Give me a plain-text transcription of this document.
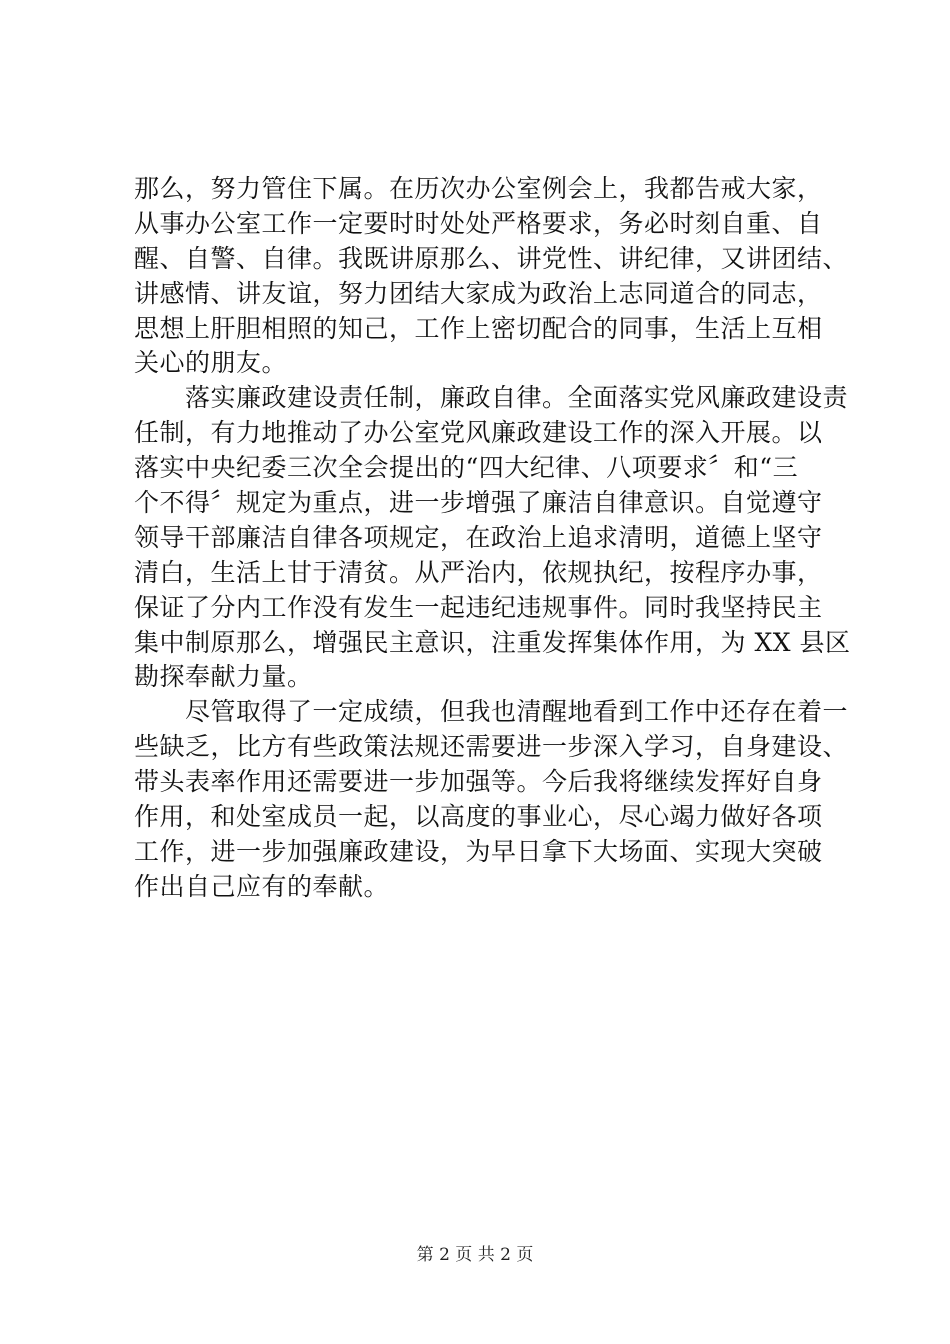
那么，努力管住下属。在历次办公室例会上，我都告戒大家，
从事办公室工作一定要时时处处严格要求，务必时刻自重、自
醒、自警、自律。我既讲原那么、讲党性、讲纪律，又讲团结、
讲感情、讲友谊，努力团结大家成为政治上志同道合的同志，
思想上肝胆相照的知己，工作上密切配合的同事，生活上互相
关心的朋友。
　　落实廉政建设责任制，廉政自律。全面落实党风廉政建设责
任制，有力地推动了办公室党风廉政建设工作的深入开展。以
落实中央纪委三次全会提出的“四大纪律、八项要求〞和“三
个不得〞规定为重点，进一步增强了廉洁自律意识。自觉遵守
领导干部廉洁自律各项规定，在政治上追求清明，道德上坚守
清白，生活上甘于清贫。从严治内，依规执纪，按程序办事，
保证了分内工作没有发生一起违纪违规事件。同时我坚持民主
集中制原那么，增强民主意识，注重发挥集体作用，为 XX 县区
勘探奉献力量。
　　尽管取得了一定成绩，但我也清醒地看到工作中还存在着一
些缺乏，比方有些政策法规还需要进一步深入学习，自身建设、
带头表率作用还需要进一步加强等。今后我将继续发挥好自身
作用，和处室成员一起，以高度的事业心，尽心竭力做好各项
工作，进一步加强廉政建设，为早日拿下大场面、实现大突破
作出自己应有的奉献。
第 2 页 共 2 页
